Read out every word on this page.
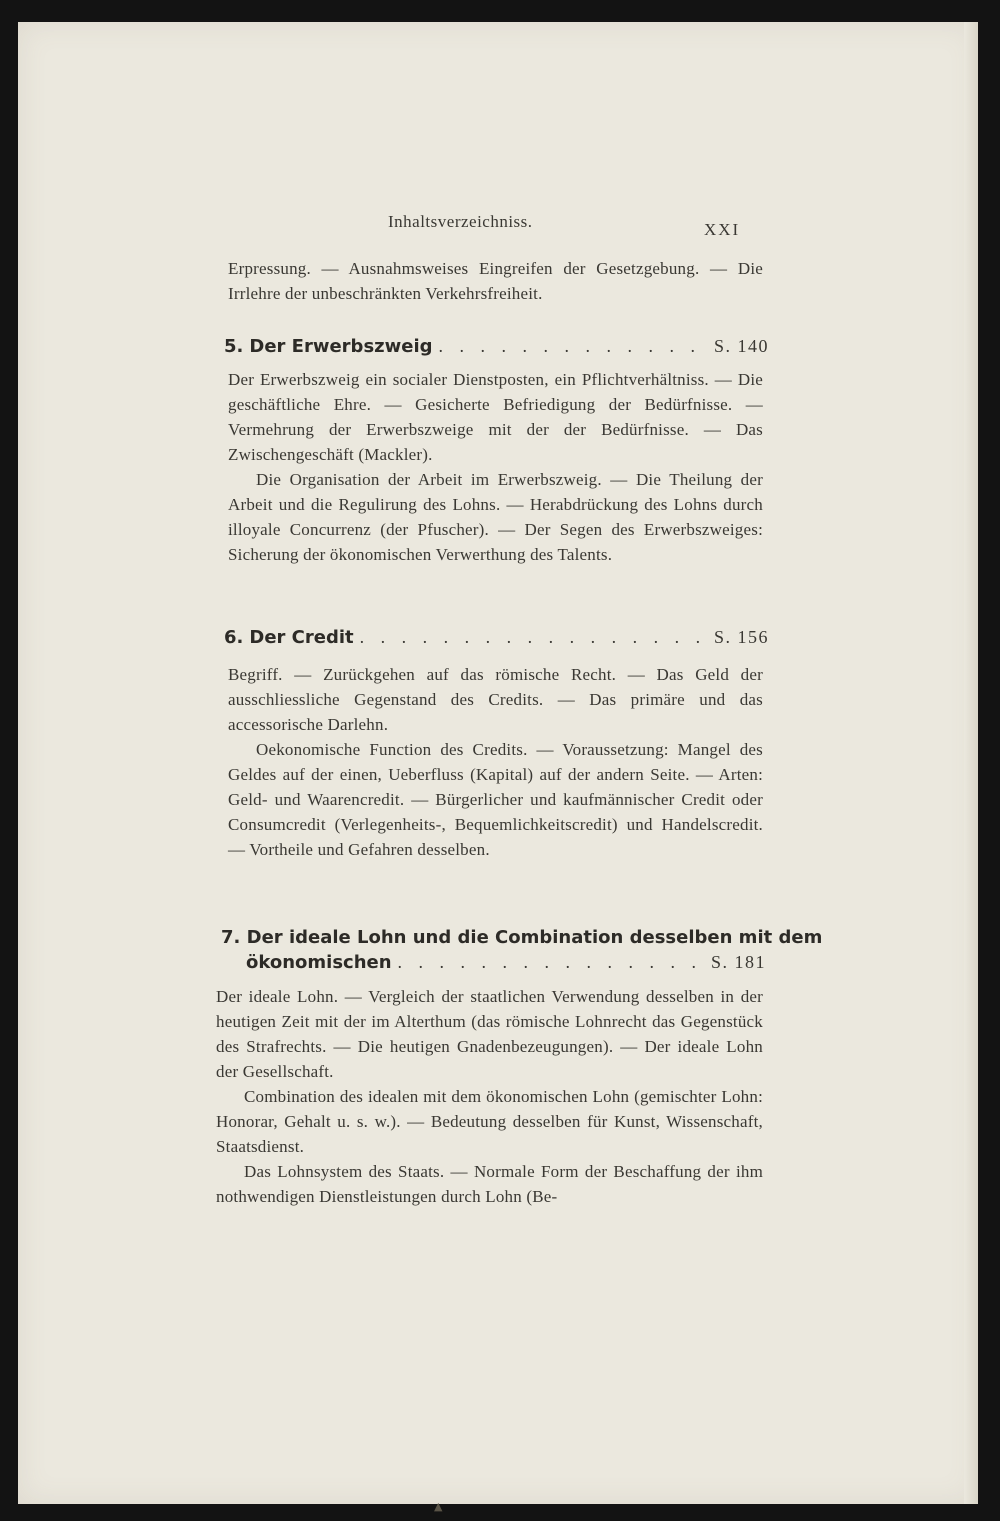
Inhaltsverzeichniss.	XXI

Erpressung. — Ausnahmsweises Eingreifen der Gesetzgebung. — Die Irrlehre der unbeschränkten Verkehrsfreiheit.

5. Der Erwerbszweig . . .	S. 140

Der Erwerbszweig ein socialer Dienstposten, ein Pflichtverhältniss. — Die geschäftliche Ehre. — Gesicherte Befriedigung der Bedürfnisse. — Vermehrung der Erwerbszweige mit der der Bedürfnisse. — Das Zwischengeschäft (Mackler).

Die Organisation der Arbeit im Erwerbszweig. — Die Theilung der Arbeit und die Regulirung des Lohns. — Herabdrückung des Lohns durch illoyale Concurrenz (der Pfuscher). — Der Segen des Erwerbszweiges: Sicherung der ökonomischen Verwerthung des Talents.

6. Der Credit . . .	S. 156

Begriff. — Zurückgehen auf das römische Recht. — Das Geld der ausschliessliche Gegenstand des Credits. — Das primäre und das accessorische Darlehn.

Oekonomische Function des Credits. — Voraussetzung: Mangel des Geldes auf der einen, Ueberfluss (Kapital) auf der andern Seite. — Arten: Geld- und Waarencredit. — Bürgerlicher und kaufmännischer Credit oder Consumcredit (Verlegenheits-, Bequemlichkeitscredit) und Handelscredit. — Vortheile und Gefahren desselben.

7. Der ideale Lohn und die Combination desselben mit dem
ökonomischen . . .	S. 181

Der ideale Lohn. — Vergleich der staatlichen Verwendung desselben in der heutigen Zeit mit der im Alterthum (das römische Lohnrecht das Gegenstück des Strafrechts. — Die heutigen Gnadenbezeugungen). — Der ideale Lohn der Gesellschaft.

Combination des idealen mit dem ökonomischen Lohn (gemischter Lohn: Honorar, Gehalt u. s. w.). — Bedeutung desselben für Kunst, Wissenschaft, Staatsdienst.

Das Lohnsystem des Staats. — Normale Form der Beschaffung der ihm nothwendigen Dienstleistungen durch Lohn (Be-

▲
